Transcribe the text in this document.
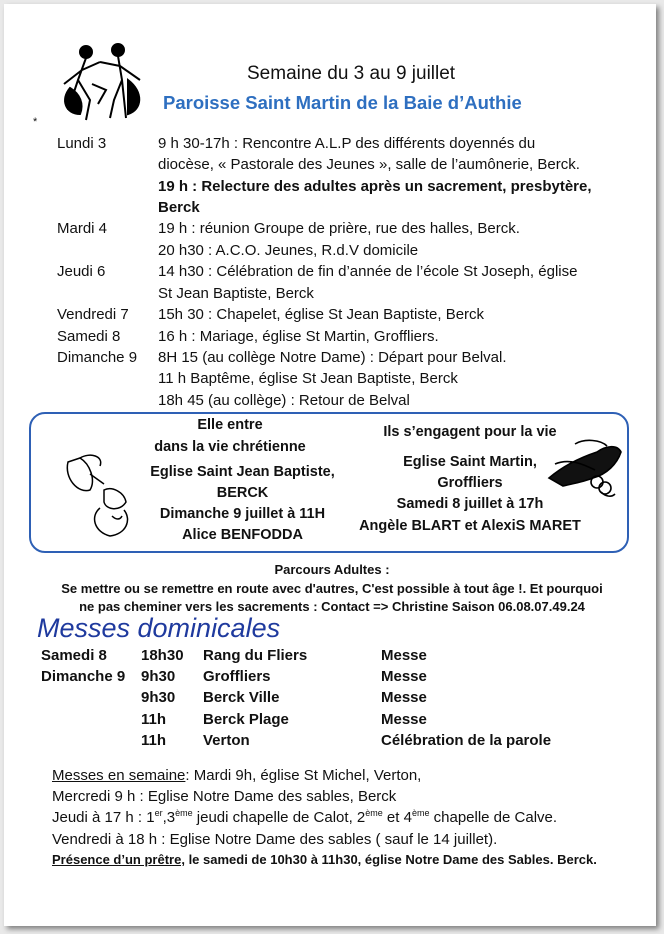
Semaine du 3 au 9 juillet
Paroisse Saint Martin de la Baie d’Authie
*
Lundi 3	9 h 30-17h : Rencontre A.L.P des différents doyennés du
diocèse, « Pastorale des Jeunes », salle de l’aumônerie, Berck.
19 h : Relecture des adultes après un sacrement, presbytère,
Berck
Mardi 4	19 h : réunion Groupe de prière, rue des halles, Berck.
20 h30 : A.C.O. Jeunes, R.d.V domicile
Jeudi 6	14 h30 : Célébration de fin d’année de l’école St Joseph, église
St Jean Baptiste, Berck
Vendredi 7 15h 30 : Chapelet, église St Jean Baptiste, Berck
Samedi 8	16 h : Mariage, église St Martin, Groffliers.
Dimanche 9 8H 15 (au collège Notre Dame) : Départ pour Belval.
11 h Baptême, église St Jean Baptiste, Berck
18h 45 (au collège) : Retour de Belval
Elle entre
dans la vie chrétienne
Eglise Saint Jean Baptiste,
BERCK
Dimanche 9 juillet à 11H
Alice BENFODDA
Ils s’engagent pour la vie
Eglise Saint Martin,
Groffliers
Samedi 8 juillet à 17h
Angèle BLART et AlexiS MARET
Parcours Adultes :
Se mettre ou se remettre en route avec d'autres, C'est possible à tout âge !. Et pourquoi
ne pas cheminer vers les sacrements : Contact => Christine Saison 06.08.07.49.24
Messes dominicales
Samedi 8 18h30 Rang du Fliers	Messe
Dimanche 9 9h30 Groffliers	Messe
9h30 Berck Ville	Messe
11h Berck Plage	Messe
11h Verton	Célébration de la parole
Messes en semaine: Mardi 9h, église St Michel, Verton,
Mercredi 9 h : Eglise Notre Dame des sables, Berck
Jeudi à 17 h : 1er,3ème jeudi chapelle de Calot, 2ème et 4ème chapelle de Calve.
Vendredi à 18 h : Eglise Notre Dame des sables ( sauf le 14 juillet).
Présence d’un prêtre, le samedi de 10h30 à 11h30, église Notre Dame des Sables. Berck.
